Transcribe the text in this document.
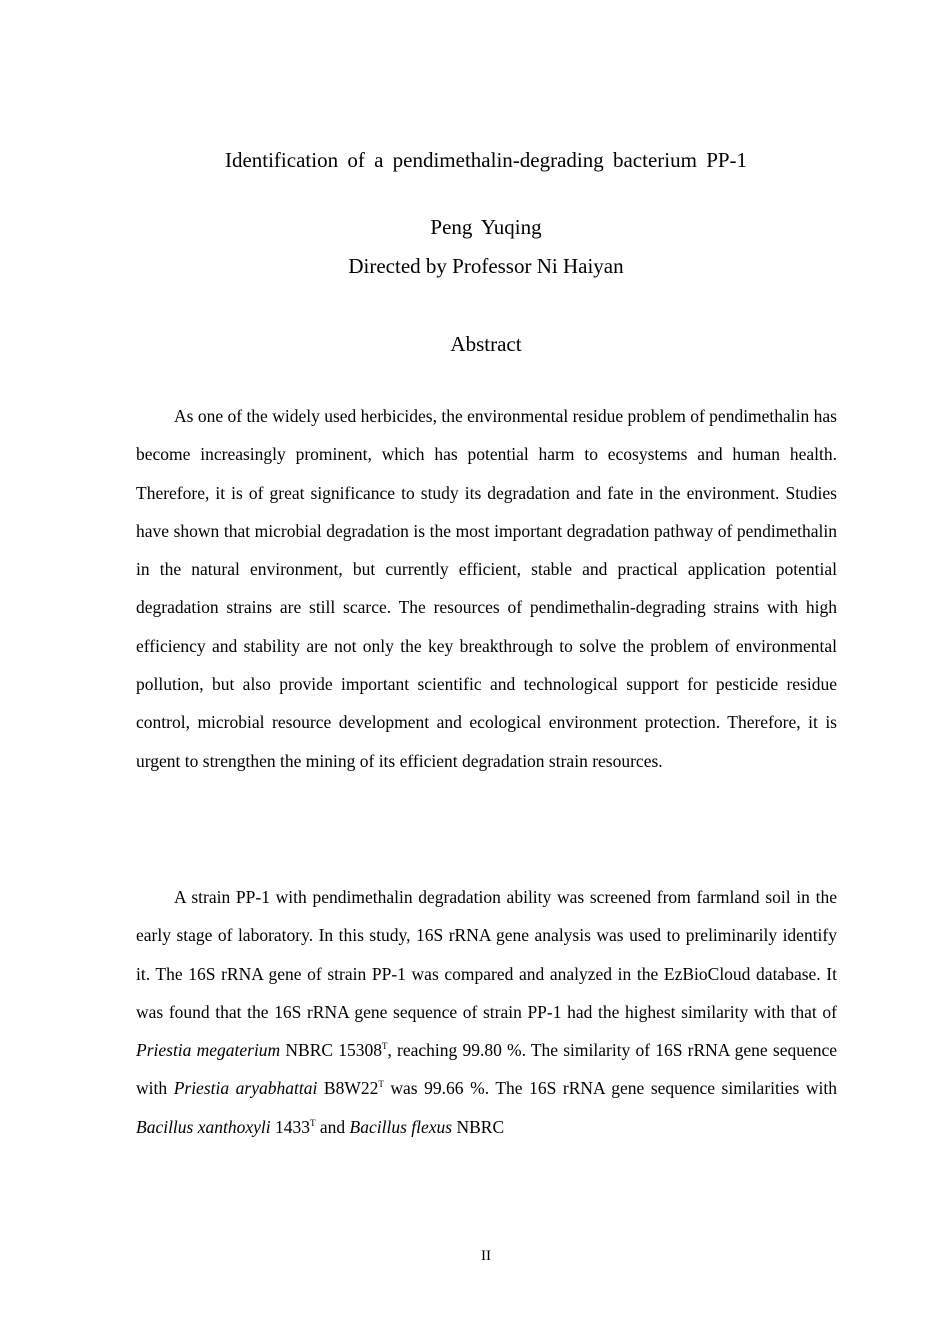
Identification of a pendimethalin-degrading bacterium PP-1
Peng Yuqing
Directed by Professor Ni Haiyan
Abstract

As one of the widely used herbicides, the environmental residue problem of pendimethalin has become increasingly prominent, which has potential harm to ecosystems and human health. Therefore, it is of great significance to study its degradation and fate in the environment. Studies have shown that microbial degradation is the most important degradation pathway of pendimethalin in the natural environment, but currently efficient, stable and practical application potential degradation strains are still scarce. The resources of pendimethalin-degrading strains with high efficiency and stability are not only the key breakthrough to solve the problem of environmental pollution, but also provide important scientific and technological support for pesticide residue control, microbial resource development and ecological environment protection. Therefore, it is urgent to strengthen the mining of its efficient degradation strain resources.

A strain PP-1 with pendimethalin degradation ability was screened from farmland soil in the early stage of laboratory. In this study, 16S rRNA gene analysis was used to preliminarily identify it. The 16S rRNA gene of strain PP-1 was compared and analyzed in the EzBioCloud database. It was found that the 16S rRNA gene sequence of strain PP-1 had the highest similarity with that of Priestia megaterium NBRC $15308^T$, reaching 99.80 %. The similarity of 16S rRNA gene sequence with Priestia aryabhattai $B8W22^T$ was 99.66 %. The 16S rRNA gene sequence similarities with Bacillus xanthoxyli $1433^T$ and Bacillus flexus NBRC

II
